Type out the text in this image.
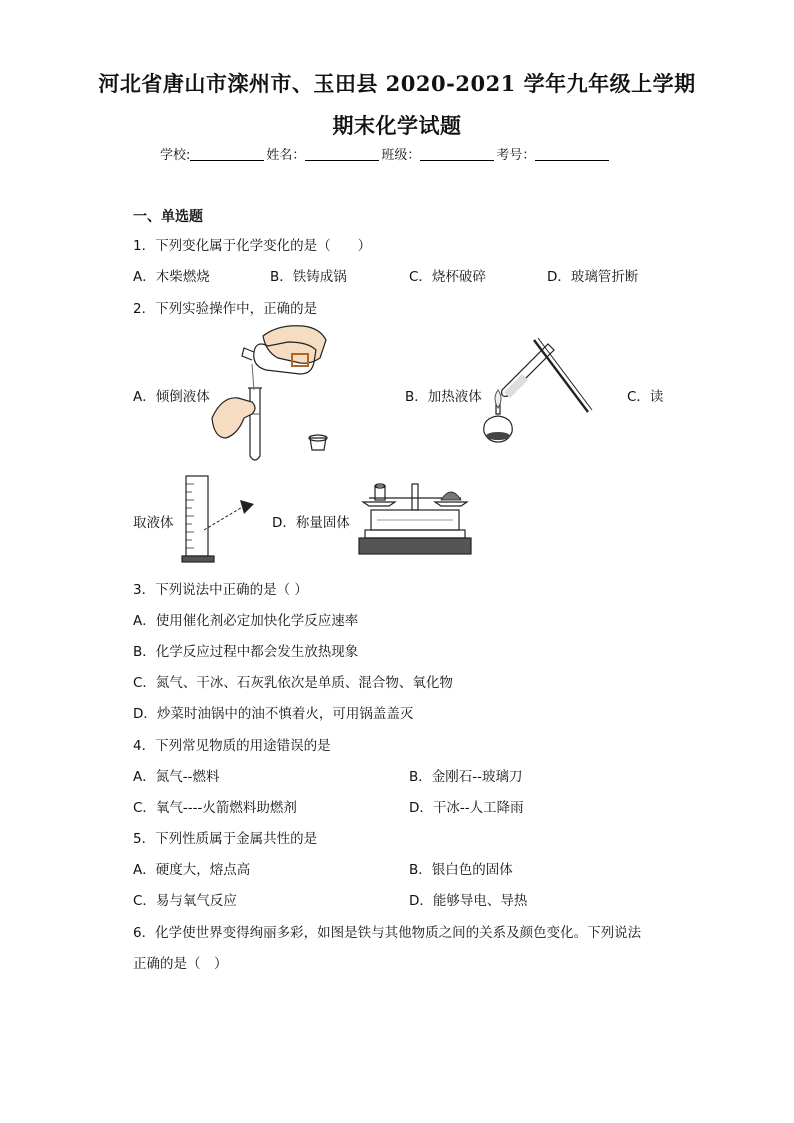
河北省唐山市滦州市、玉田县 2020-2021 学年九年级上学期
期末化学试题
学校:	姓名：	班级：	考号：
一、单选题
1．下列变化属于化学变化的是（　　）
A．木柴燃烧	B．铁铸成锅	C．烧杯破碎	D．玻璃管折断
2．下列实验操作中，正确的是
A．倾倒液体	B．加热液体	C．读
取液体	D．称量固体
3．下列说法中正确的是（ ）
A．使用催化剂必定加快化学反应速率
B．化学反应过程中都会发生放热现象
C．氮气、干冰、石灰乳依次是单质、混合物、氧化物
D．炒菜时油锅中的油不慎着火，可用锅盖盖灭
4．下列常见物质的用途错误的是
A．氮气--燃料	B．金刚石--玻璃刀
C．氧气----火箭燃料助燃剂	D．干冰--人工降雨
5．下列性质属于金属共性的是
A．硬度大，熔点高	B．银白色的固体
C．易与氧气反应	D．能够导电、导热
6．化学使世界变得绚丽多彩，如图是铁与其他物质之间的关系及颜色变化。下列说法
正确的是（　）
